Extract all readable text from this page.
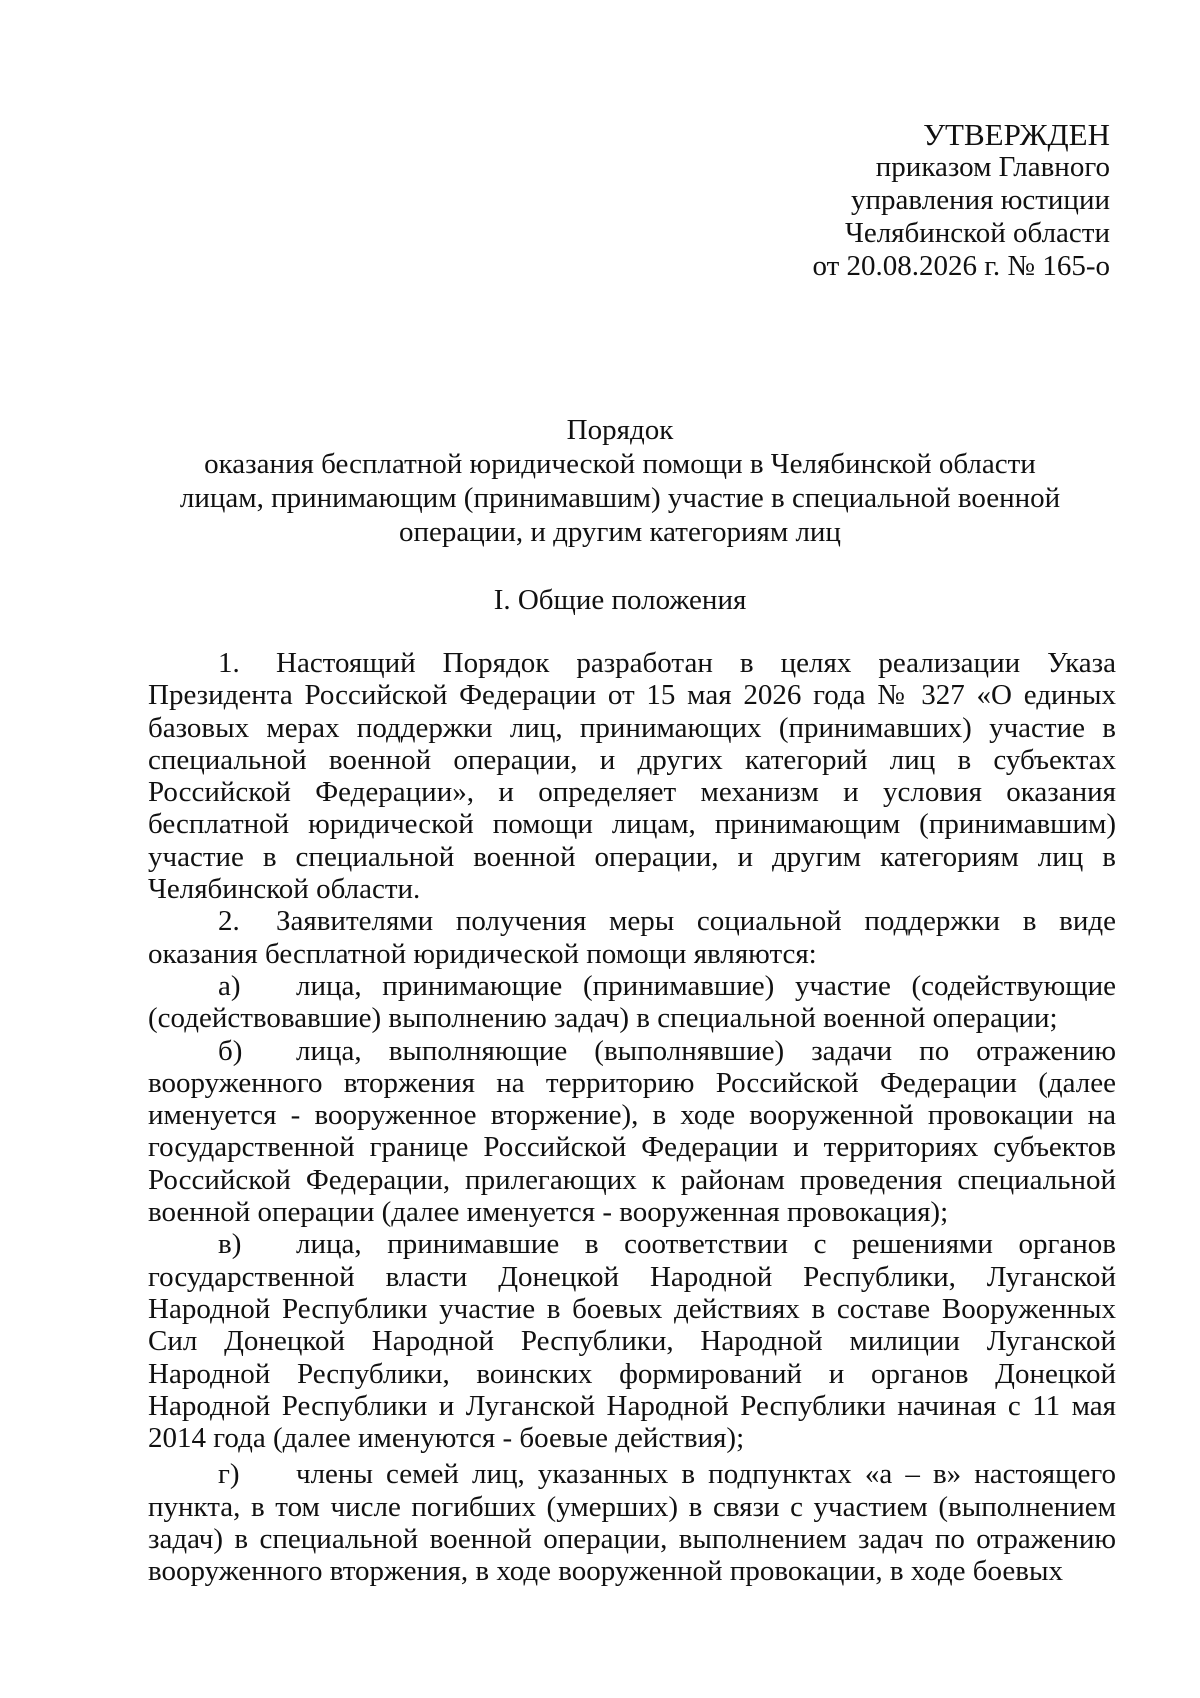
УТВЕРЖДЕН
приказом Главного
управления юстиции
Челябинской области
от 20.08.2026 г. № 165-о
Порядок
оказания бесплатной юридической помощи в Челябинской области
лицам, принимающим (принимавшим) участие в специальной военной
операции, и другим категориям лиц
I. Общие положения

1. Настоящий Порядок разработан в целях реализации Указа Президента Российской Федерации от 15 мая 2026 года № 327 «О единых базовых мерах поддержки лиц, принимающих (принимавших) участие в специальной военной операции, и других категорий лиц в субъектах Российской Федерации», и определяет механизм и условия оказания бесплатной юридической помощи лицам, принимающим (принимавшим) участие в специальной военной операции, и другим категориям лиц в Челябинской области.

2. Заявителями получения меры социальной поддержки в виде оказания бесплатной юридической помощи являются:

а) лица, принимающие (принимавшие) участие (содействующие (содействовавшие) выполнению задач) в специальной военной операции;

б) лица, выполняющие (выполнявшие) задачи по отражению вооруженного вторжения на территорию Российской Федерации (далее именуется - вооруженное вторжение), в ходе вооруженной провокации на государственной границе Российской Федерации и территориях субъектов Российской Федерации, прилегающих к районам проведения специальной военной операции (далее именуется - вооруженная провокация);

в) лица, принимавшие в соответствии с решениями органов государственной власти Донецкой Народной Республики, Луганской Народной Республики участие в боевых действиях в составе Вооруженных Сил Донецкой Народной Республики, Народной милиции Луганской Народной Республики, воинских формирований и органов Донецкой Народной Республики и Луганской Народной Республики начиная с 11 мая 2014 года (далее именуются - боевые действия);

г) члены семей лиц, указанных в подпунктах «а – в» настоящего пункта, в том числе погибших (умерших) в связи с участием (выполнением задач) в специальной военной операции, выполнением задач по отражению вооруженного вторжения, в ходе вооруженной провокации, в ходе боевых
